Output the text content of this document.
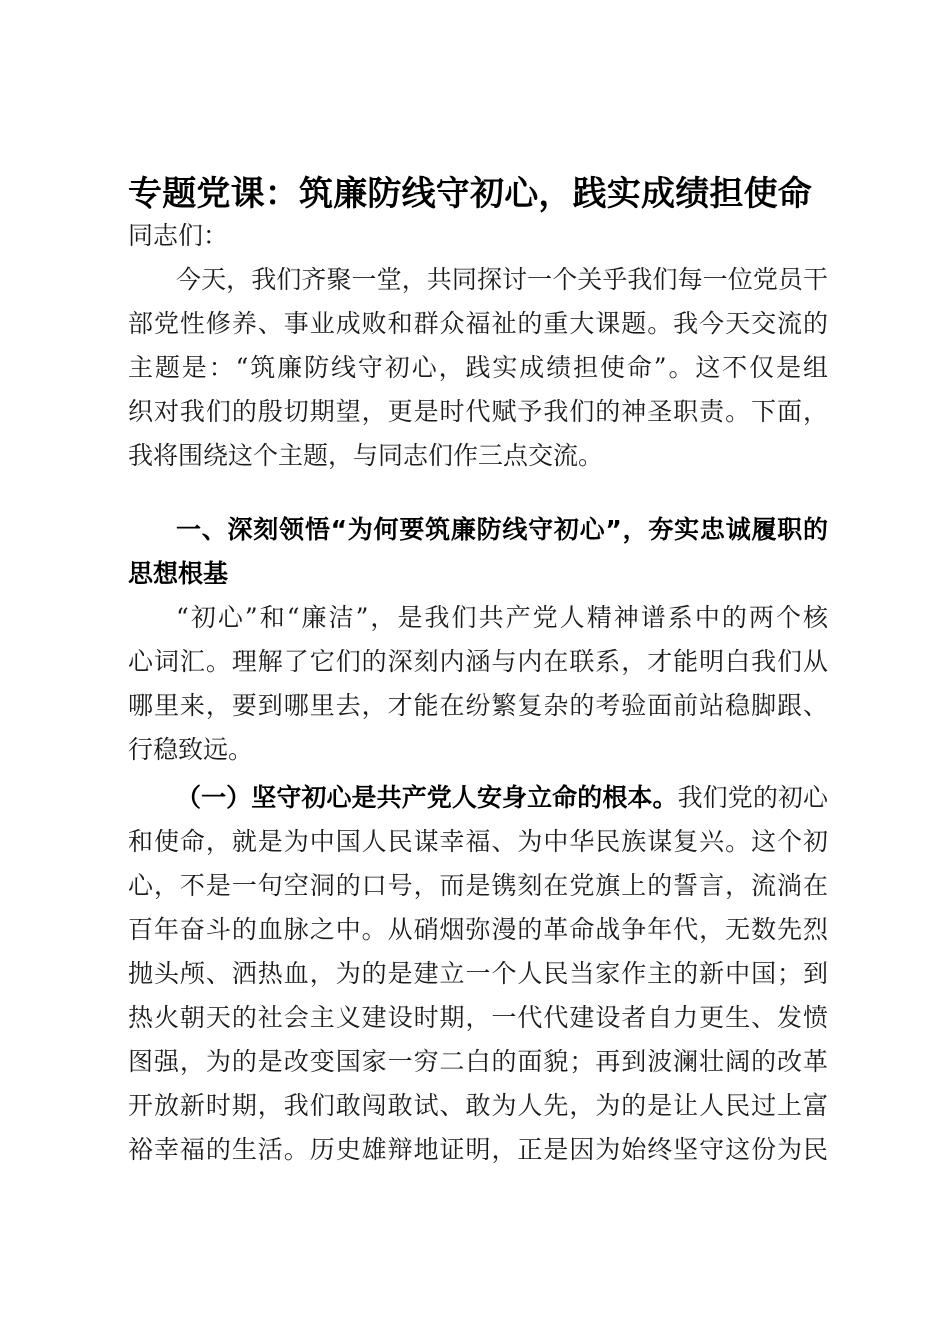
专题党课：筑廉防线守初心，践实成绩担使命
同志们：
今天，我们齐聚一堂，共同探讨一个关乎我们每一位党员干
部党性修养、事业成败和群众福祉的重大课题。我今天交流的
主题是：“筑廉防线守初心，践实成绩担使命”。这不仅是组
织对我们的殷切期望，更是时代赋予我们的神圣职责。下面，
我将围绕这个主题，与同志们作三点交流。
一、深刻领悟“为何要筑廉防线守初心”，夯实忠诚履职的
思想根基
“初心”和“廉洁”，是我们共产党人精神谱系中的两个核
心词汇。理解了它们的深刻内涵与内在联系，才能明白我们从
哪里来，要到哪里去，才能在纷繁复杂的考验面前站稳脚跟、
行稳致远。
（一）坚守初心是共产党人安身立命的根本。我们党的初心
和使命，就是为中国人民谋幸福、为中华民族谋复兴。这个初
心，不是一句空洞的口号，而是镌刻在党旗上的誓言，流淌在
百年奋斗的血脉之中。从硝烟弥漫的革命战争年代，无数先烈
抛头颅、洒热血，为的是建立一个人民当家作主的新中国；到
热火朝天的社会主义建设时期，一代代建设者自力更生、发愤
图强，为的是改变国家一穷二白的面貌；再到波澜壮阔的改革
开放新时期，我们敢闯敢试、敢为人先，为的是让人民过上富
裕幸福的生活。历史雄辩地证明，正是因为始终坚守这份为民
